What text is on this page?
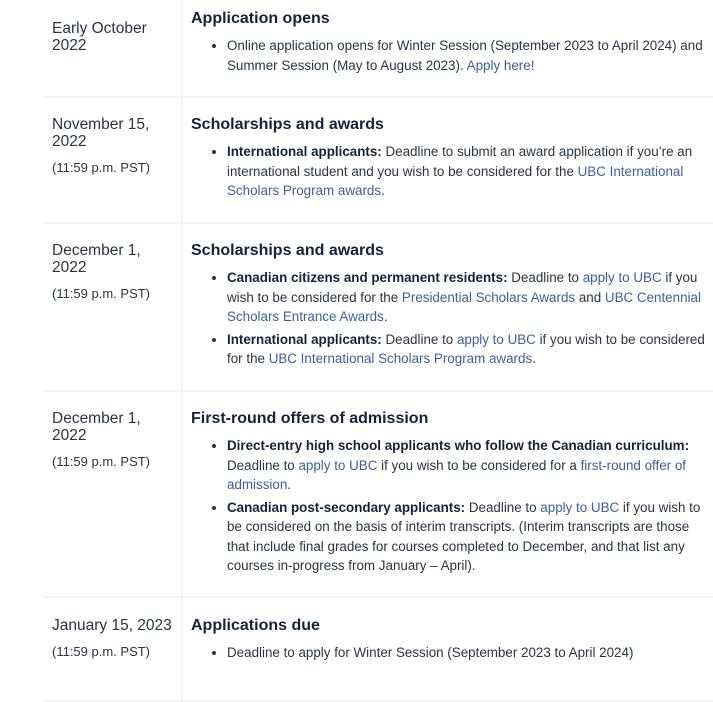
Early October 2022
Application opens
• Online application opens for Winter Session (September 2023 to April 2024) and Summer Session (May to August 2023). Apply here!
November 15, 2022
(11:59 p.m. PST)
Scholarships and awards
• International applicants: Deadline to submit an award application if you’re an international student and you wish to be considered for the UBC International Scholars Program awards.
December 1, 2022
(11:59 p.m. PST)
Scholarships and awards
• Canadian citizens and permanent residents: Deadline to apply to UBC if you wish to be considered for the Presidential Scholars Awards and UBC Centennial Scholars Entrance Awards.
• International applicants: Deadline to apply to UBC if you wish to be considered for the UBC International Scholars Program awards.
December 1, 2022
(11:59 p.m. PST)
First-round offers of admission
• Direct-entry high school applicants who follow the Canadian curriculum: Deadline to apply to UBC if you wish to be considered for a first-round offer of admission.
• Canadian post-secondary applicants: Deadline to apply to UBC if you wish to be considered on the basis of interim transcripts. (Interim transcripts are those that include final grades for courses completed to December, and that list any courses in-progress from January – April).
January 15, 2023
(11:59 p.m. PST)
Applications due
• Deadline to apply for Winter Session (September 2023 to April 2024)
